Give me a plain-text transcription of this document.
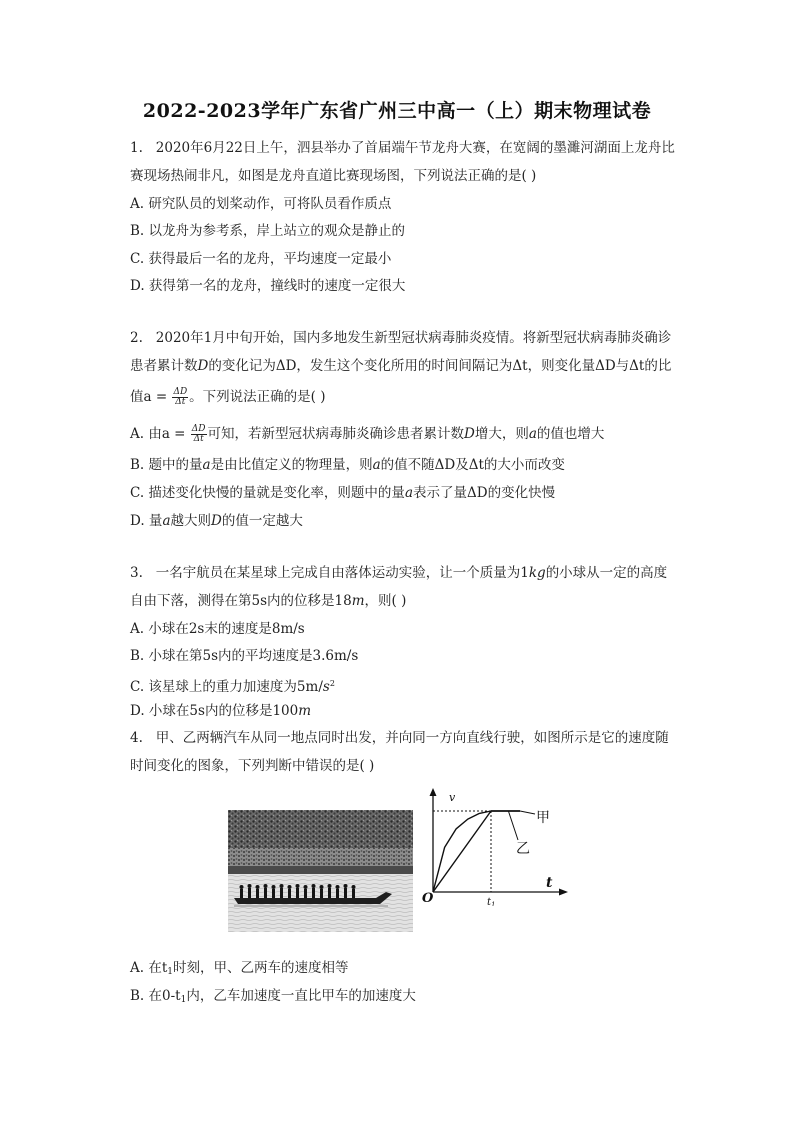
2022-2023学年广东省广州三中高一（上）期末物理试卷
1. 2020年6月22日上午，泗县举办了首届端午节龙舟大赛，在宽阔的墨濉河湖面上龙舟比
赛现场热闹非凡，如图是龙舟直道比赛现场图，下列说法正确的是( )
A. 研究队员的划桨动作，可将队员看作质点
B. 以龙舟为参考系，岸上站立的观众是静止的
C. 获得最后一名的龙舟，平均速度一定最小
D. 获得第一名的龙舟，撞线时的速度一定很大
2. 2020年1月中旬开始，国内多地发生新型冠状病毒肺炎疫情。将新型冠状病毒肺炎确诊
患者累计数D的变化记为ΔD，发生这个变化所用的时间间隔记为Δt，则变化量ΔD与Δt的比
值$a = \frac{\Delta D}{\Delta t}$ 。下列说法正确的是( )
A. 由$a = \frac{\Delta D}{\Delta t}$ 可知，若新型冠状病毒肺炎确诊患者累计数D增大，则a的值也增大
B. 题中的量a是由比值定义的物理量，则a的值不随ΔD及Δt的大小而改变
C. 描述变化快慢的量就是变化率，则题中的量a表示了量ΔD的变化快慢
D. 量a越大则D的值一定越大
3. 一名宇航员在某星球上完成自由落体运动实验，让一个质量为1kg的小球从一定的高度
自由下落，测得在第5s内的位移是18m，则( )
A. 小球在2s末的速度是8m/s
B. 小球在第5s内的平均速度是3.6m/s
C. 该星球上的重力加速度为$5m/s^2$
D. 小球在5s内的位移是100m
4. 甲、乙两辆汽车从同一地点同时出发，并向同一方向直线行驶，如图所示是它的速度随
时间变化的图象，下列判断中错误的是( )
v
t
O	$t_1$
甲
乙
A. 在$t_1$时刻，甲、乙两车的速度相等
B. 在$0-t_1$内，乙车加速度一直比甲车的加速度大
